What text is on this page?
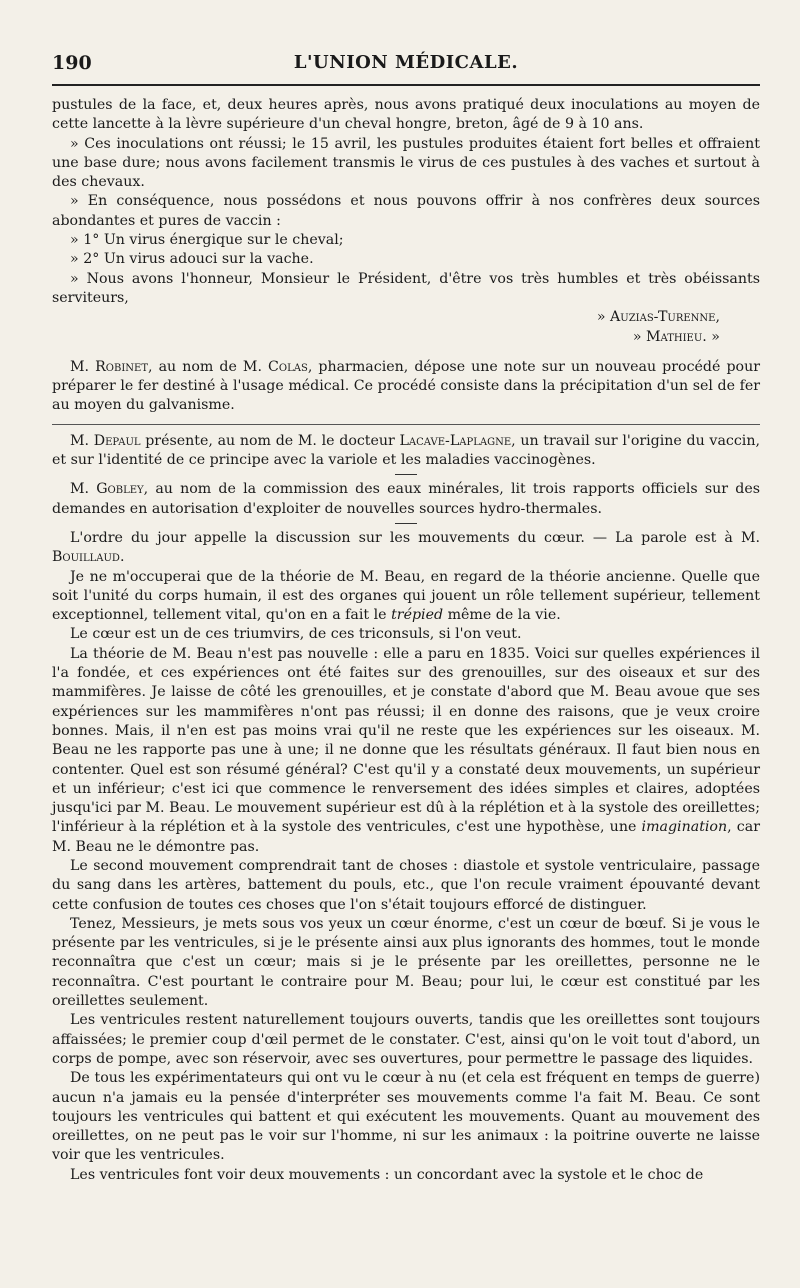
190	L'UNION MÉDICALE.

pustules de la face, et, deux heures après, nous avons pratiqué deux inoculations au moyen de cette lancette à la lèvre supérieure d'un cheval hongre, breton, âgé de 9 à 10 ans.

» Ces inoculations ont réussi; le 15 avril, les pustules produites étaient fort belles et offraient une base dure; nous avons facilement transmis le virus de ces pustules à des vaches et surtout à des chevaux.

» En conséquence, nous possédons et nous pouvons offrir à nos confrères deux sources abondantes et pures de vaccin :

» 1° Un virus énergique sur le cheval;

» 2° Un virus adouci sur la vache.

» Nous avons l'honneur, Monsieur le Président, d'être vos très humbles et très obéissants serviteurs,

» Auzias-Turenne,

» Mathieu. »

M. Robinet, au nom de M. Colas, pharmacien, dépose une note sur un nouveau procédé pour préparer le fer destiné à l'usage médical. Ce procédé consiste dans la précipitation d'un sel de fer au moyen du galvanisme.

M. Depaul présente, au nom de M. le docteur Lacave-Laplagne, un travail sur l'origine du vaccin, et sur l'identité de ce principe avec la variole et les maladies vaccinogènes.

M. Gobley, au nom de la commission des eaux minérales, lit trois rapports officiels sur des demandes en autorisation d'exploiter de nouvelles sources hydro-thermales.

L'ordre du jour appelle la discussion sur les mouvements du cœur. — La parole est à M. Bouillaud.

Je ne m'occuperai que de la théorie de M. Beau, en regard de la théorie ancienne. Quelle que soit l'unité du corps humain, il est des organes qui jouent un rôle tellement supérieur, tellement exceptionnel, tellement vital, qu'on en a fait le trépied même de la vie.

Le cœur est un de ces triumvirs, de ces triconsuls, si l'on veut.

La théorie de M. Beau n'est pas nouvelle : elle a paru en 1835. Voici sur quelles expériences il l'a fondée, et ces expériences ont été faites sur des grenouilles, sur des oiseaux et sur des mammifères. Je laisse de côté les grenouilles, et je constate d'abord que M. Beau avoue que ses expériences sur les mammifères n'ont pas réussi; il en donne des raisons, que je veux croire bonnes. Mais, il n'en est pas moins vrai qu'il ne reste que les expériences sur les oiseaux. M. Beau ne les rapporte pas une à une; il ne donne que les résultats généraux. Il faut bien nous en contenter. Quel est son résumé général? C'est qu'il y a constaté deux mouvements, un supérieur et un inférieur; c'est ici que commence le renversement des idées simples et claires, adoptées jusqu'ici par M. Beau. Le mouvement supérieur est dû à la réplétion et à la systole des oreillettes; l'inférieur à la réplétion et à la systole des ventricules, c'est une hypothèse, une imagination, car M. Beau ne le démontre pas.

Le second mouvement comprendrait tant de choses : diastole et systole ventriculaire, passage du sang dans les artères, battement du pouls, etc., que l'on recule vraiment épouvanté devant cette confusion de toutes ces choses que l'on s'était toujours efforcé de distinguer.

Tenez, Messieurs, je mets sous vos yeux un cœur énorme, c'est un cœur de bœuf. Si je vous le présente par les ventricules, si je le présente ainsi aux plus ignorants des hommes, tout le monde reconnaîtra que c'est un cœur; mais si je le présente par les oreillettes, personne ne le reconnaîtra. C'est pourtant le contraire pour M. Beau; pour lui, le cœur est constitué par les oreillettes seulement.

Les ventricules restent naturellement toujours ouverts, tandis que les oreillettes sont toujours affaissées; le premier coup d'œil permet de le constater. C'est, ainsi qu'on le voit tout d'abord, un corps de pompe, avec son réservoir, avec ses ouvertures, pour permettre le passage des liquides.

De tous les expérimentateurs qui ont vu le cœur à nu (et cela est fréquent en temps de guerre) aucun n'a jamais eu la pensée d'interpréter ses mouvements comme l'a fait M. Beau. Ce sont toujours les ventricules qui battent et qui exécutent les mouvements. Quant au mouvement des oreillettes, on ne peut pas le voir sur l'homme, ni sur les animaux : la poitrine ouverte ne laisse voir que les ventricules.

Les ventricules font voir deux mouvements : un concordant avec la systole et le choc de
